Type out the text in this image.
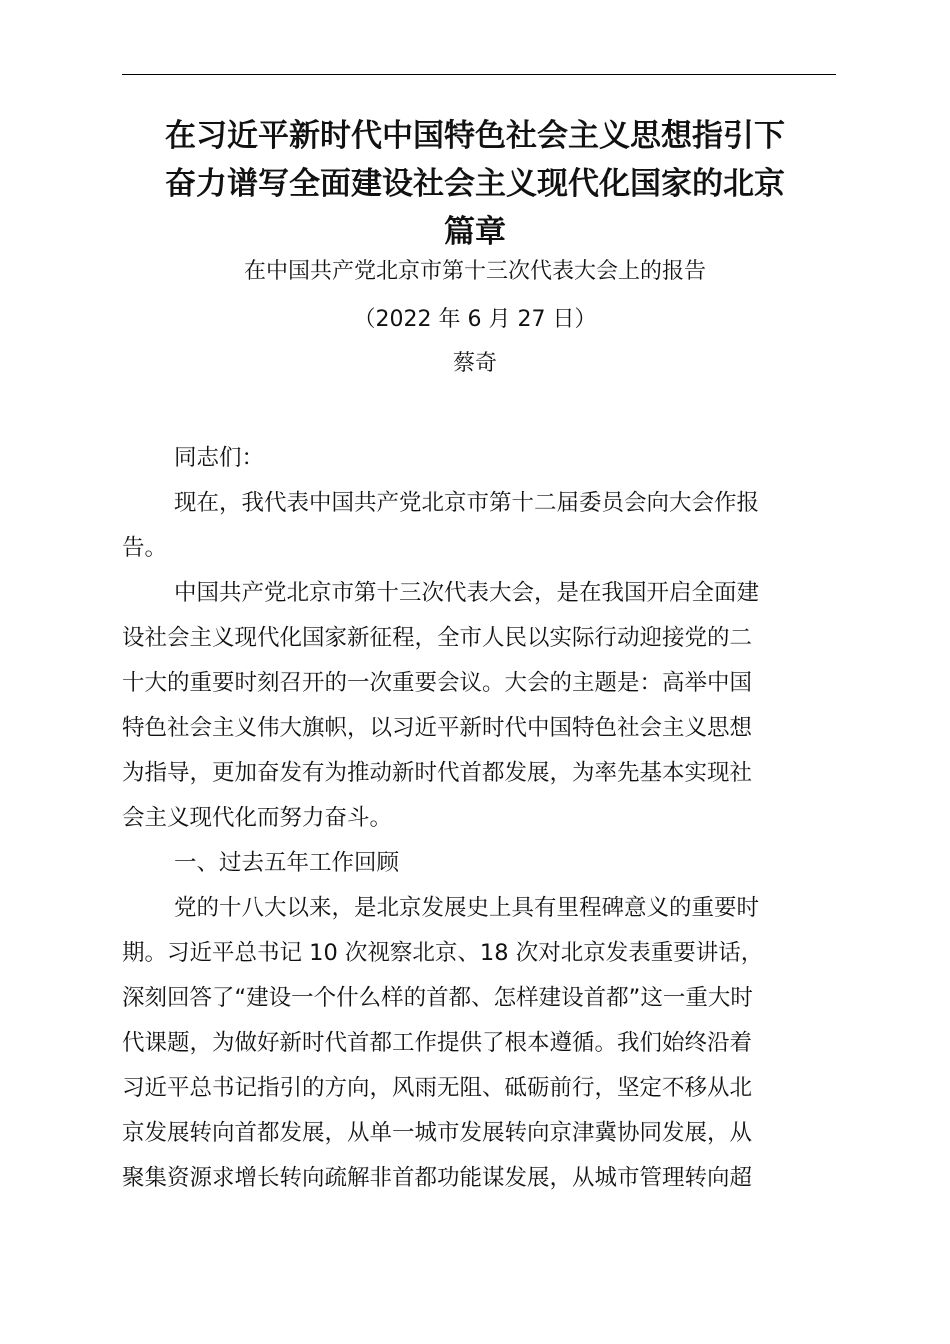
在习近平新时代中国特色社会主义思想指引下
奋力谱写全面建设社会主义现代化国家的北京
篇章

在中国共产党北京市第十三次代表大会上的报告

（2022 年 6 月 27 日）

蔡奇

同志们：
现在，我代表中国共产党北京市第十二届委员会向大会作报
告。
中国共产党北京市第十三次代表大会，是在我国开启全面建
设社会主义现代化国家新征程，全市人民以实际行动迎接党的二
十大的重要时刻召开的一次重要会议。大会的主题是：高举中国
特色社会主义伟大旗帜，以习近平新时代中国特色社会主义思想
为指导，更加奋发有为推动新时代首都发展，为率先基本实现社
会主义现代化而努力奋斗。
一、过去五年工作回顾
党的十八大以来，是北京发展史上具有里程碑意义的重要时
期。习近平总书记 10 次视察北京、18 次对北京发表重要讲话，
深刻回答了“建设一个什么样的首都、怎样建设首都”这一重大时
代课题，为做好新时代首都工作提供了根本遵循。我们始终沿着
习近平总书记指引的方向，风雨无阻、砥砺前行，坚定不移从北
京发展转向首都发展，从单一城市发展转向京津冀协同发展，从
聚集资源求增长转向疏解非首都功能谋发展，从城市管理转向超
